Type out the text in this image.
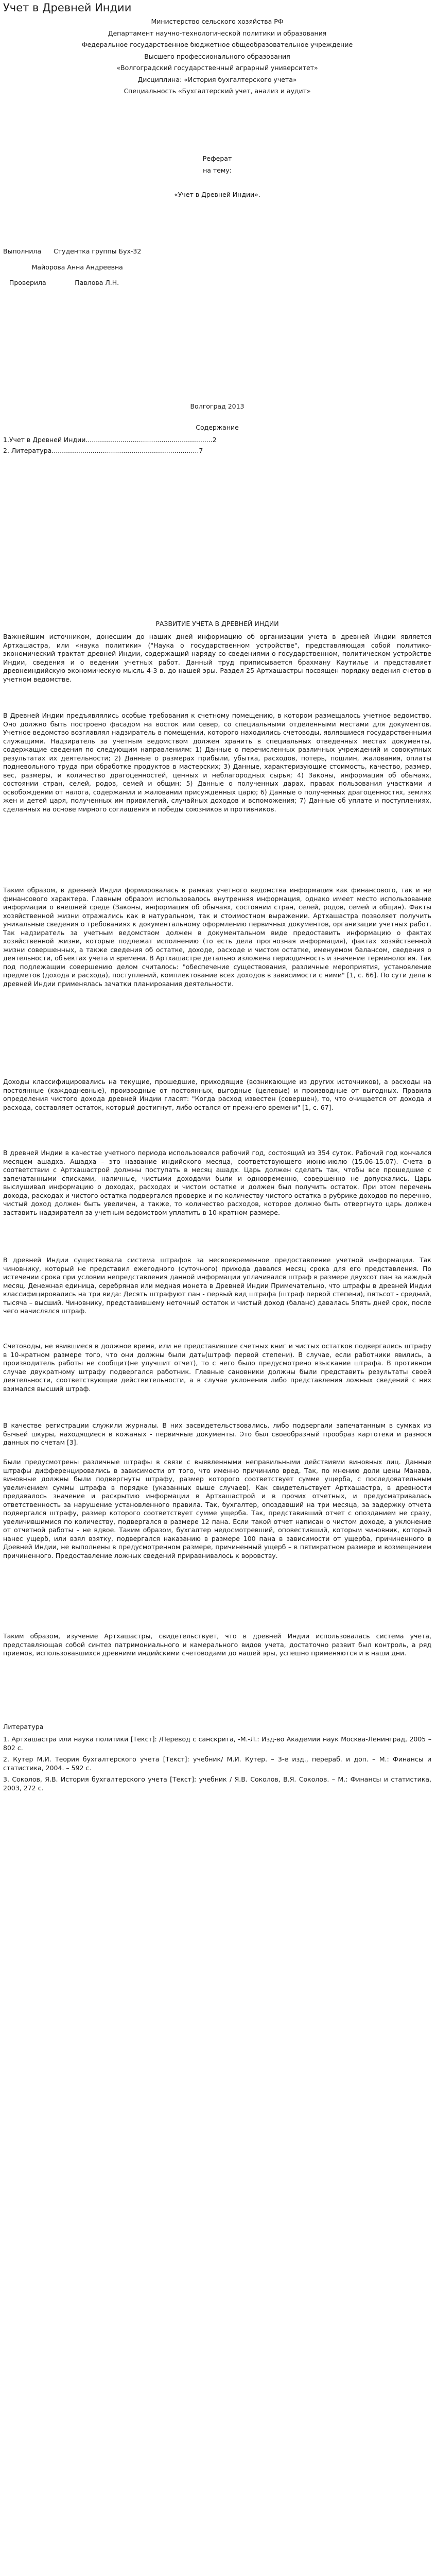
Учет в Древней Индии

Министерство сельского хозяйства РФ

Департамент научно-технологической политики и образования

Федеральное государственное бюджетное общеобразовательное учреждение

Высшего профессионального образования

«Волгоградский государственный аграрный университет»

Дисциплина: «История бухгалтерского учета»

Специальность «Бухгалтерский учет, анализ и аудит»

Реферат

на тему:

«Учет в Древней Индии».

Выполнила      Студентка группы Бух-32

Майорова Анна Андреевна

Проверила              Павлова Л.Н.

Волгоград 2013
Содержание
1.Учет в Древней Индии..............................................................2
2. Литература........................................................................7
РАЗВИТИЕ УЧЕТА В ДРЕВНЕЙ ИНДИИ

Важнейшим источником, донесшим до наших дней информацию об организации учета в древней Индии является Артхашастра, или «наука политики» ("Наука о государственном устройстве", представляющая собой политико-экономический трактат древней Индии, содержащий наряду со сведениями о государственном, политическом устройстве Индии, сведения и о ведении учетных работ. Данный труд приписывается брахману Каутилье и представляет древнеиндийскую экономическую мысль 4-3 в. до нашей эры. Раздел 25 Артхашастры посвящен порядку ведения счетов в учетном ведомстве.

В Древней Индии предъявлялись особые требования к счетному помещению, в котором размещалось учетное ведомство. Оно должно быть построено фасадом на восток или север, со специальными отделенными местами для документов. Учетное ведомство возглавлял надзиратель в помещении, которого находились счетоводы, являвшиеся государственными служащими. Надзиратель за учетным ведомством должен хранить в специальных отведенных местах документы, содержащие сведения по следующим направлениям: 1) Данные о перечисленных различных учреждений и совокупных результатах их деятельности; 2) Данные о размерах прибыли, убытка, расходов, потерь, пошлин, жалования, оплаты подневольного труда при обработке продуктов в мастерских; 3) Данные, характеризующие стоимость, качество, размер, вес, размеры, и количество драгоценностей, ценных и неблагородных сырья; 4) Законы, информация об обычаях, состоянии стран, селей, родов, семей и общин; 5) Данные о полученных дарах, правах пользования участками и освобождении от налога, содержании и жаловании присужденных царю; 6) Данные о полученных драгоценностях, землях жен и детей царя, полученных им привилегий, случайных доходов и вспоможения; 7) Данные об уплате и поступлениях, сделанных на основе мирного соглашения и победы союзников и противников.

Таким образом, в древней Индии формировалась в рамках учетного ведомства информация как финансового, так и не финансового характера. Главным образом использовалось внутренняя информация, однако имеет место использование информации о внешней среде (Законы, информация об обычаях, состоянии стран, селей, родов, семей и общин). Факты хозяйственной жизни отражались как в натуральном, так и стоимостном выражении. Артхашастра позволяет получить уникальные сведения о требованиях к документальному оформлению первичных документов, организации учетных работ. Так надзиратель за учетным ведомством должен в документальном виде предоставить информацию о фактах хозяйственной жизни, которые подлежат исполнению (то есть дела прогнозная информация), фактах хозяйственной жизни совершенных, а также сведения об остатке, доходе, расходе и чистом остатке, именуемом балансом, сведения о деятельности, объектах учета и времени. В Артхашастре детально изложена периодичность и значение терминология. Так под подлежащим совершению делом считалось: "обеспечение существования, различные мероприятия, установление предметов (дохода и расхода), поступлений, комплектование всех доходов в зависимости с ними" [1, с. 66]. По сути дела в древней Индии применялась зачатки планирования деятельности.

Доходы классифицировались на текущие, прошедшие, приходящие (возникающие из других источников), а расходы на постоянные (каждодневные), производные от постоянных, выгодные (целевые) и производные от выгодных. Правила определения чистого дохода древней Индии гласят: "Когда расход известен (совершен), то, что очищается от дохода и расхода, составляет остаток, который достигнут, либо остался от прежнего времени" [1, с. 67].

В древней Индии в качестве учетного периода использовался рабочий год, состоящий из 354 суток. Рабочий год кончался месяцем ашадха. Ашадха – это название индийского месяца, соответствующего июню-июлю (15.06-15.07). Счета в соответствии с Артхашастрой должны поступать в месяц ашадх. Царь должен сделать так, чтобы все прошедшие с запечатанными списками, наличные, чистыми доходами были и одновременно, совершенно не допускались. Царь выслушивал информацию о доходах, расходах и чистом остатке и должен был получить остаток. При этом перечень дохода, расходах и чистого остатка подвергался проверке и по количеству чистого остатка в рубрике доходов по перечню, чистый доход должен быть увеличен, а также, то количество расходов, которое должно быть отвергнуто царь должен заставить надзирателя за учетным ведомством уплатить в 10-кратном размере.

В древней Индии существовала система штрафов за несвоевременное предоставление учетной информации. Так чиновнику, который не представил ежегодного (суточного) прихода давался месяц срока для его представления. По истечении срока при условии непредставления данной информации уплачивался штраф в размере двухсот пан за каждый месяц. Денежная единица, серебряная или медная монета в Древней Индии Примечательно, что штрафы в древней Индии классифицировались на три вида: Десять штрафуют пан - первый вид штрафа (штраф первой степени), пятьсот - средний, тысяча – высший. Чиновнику, представившему неточный остаток и чистый доход (баланс) давалась 5пять дней срок, после чего начислялся штраф.

Счетоводы, не явившиеся в должное время, или не представившие счетных книг и чистых остатков подвергались штрафу в 10-кратном размере того, что они должны были дать(штраф первой степени). В случае, если работники явились, а производитель работы не сообщит(не улучшит отчет), то с него было предусмотрено взыскание штрафа. В противном случае двукратному штрафу подвергался работник. Главные сановники должны были представить результаты своей деятельности, соответствующие действительности, а в случае уклонения либо представления ложных сведений с них взимался высший штраф.

В качестве регистрации служили журналы. В них засвидетельствовались, либо подвергали запечатанным в сумках из бычьей шкуры, находящиеся в кожаных - первичные документы. Это был своеобразный прообраз картотеки и разнося данных по счетам [3].

Были предусмотрены различные штрафы в связи с выявленными неправильными действиями виновных лиц. Данные штрафы дифференцировались в зависимости от того, что именно причинило вред. Так, по мнению доли цены Манава, виновные должны были подвергнуты штрафу, размер которого соответствует сумме ущерба, с последовательным увеличением суммы штрафа в порядке (указанных выше случаев). Как свидетельствует Артхашастра, в древности предавалось значение и раскрытию информации в Артхашастрой и в прочих отчетных, и предусматривалась ответственность за нарушение установленного правила. Так, бухгалтер, опоздавший на три месяца, за задержку отчета подвергался штрафу, размер которого соответствует сумме ущерба. Так, представивший отчет с опозданием не сразу, увеличившимися по количеству, подвергался в размере 12 пана. Если такой отчет написан о чистом доходе, а уклонение от отчетной работы – не вдвое. Таким образом, бухгалтер недосмотревший, оповестивший, которым чиновник, который нанес ущерб, или взял взятку, подвергался наказанию в размере 100 пана в зависимости от ущерба, причиненного в Древней Индии, не выполнены в предусмотренном размере, причиненный ущерб – в пятикратном размере и возмещением причиненного. Предоставление ложных сведений приравнивалось к воровству.

Таким образом, изучение Артхашастры, свидетельствует, что в древней Индии использовалась система учета, представляющая собой синтез патримониального и камерального видов учета, достаточно развит был контроль, а ряд приемов, использовавшихся древними индийскими счетоводами до нашей эры, успешно применяются и в наши дни.

Литература

1. Артхашастра или наука политики [Текст]: /Перевод с санскрита, -М.-Л.: Изд-во Академии наук Москва-Ленинград, 2005 – 802 с.

2. Кутер М.И. Теория бухгалтерского учета [Текст]: учебник/ М.И. Кутер. – 3-е изд., перераб. и доп. – М.: Финансы и статистика, 2004. – 592 с.

3. Соколов, Я.В. История бухгалтерского учета [Текст]: учебник / Я.В. Соколов, В.Я. Соколов. – М.: Финансы и статистика, 2003, 272 с.
